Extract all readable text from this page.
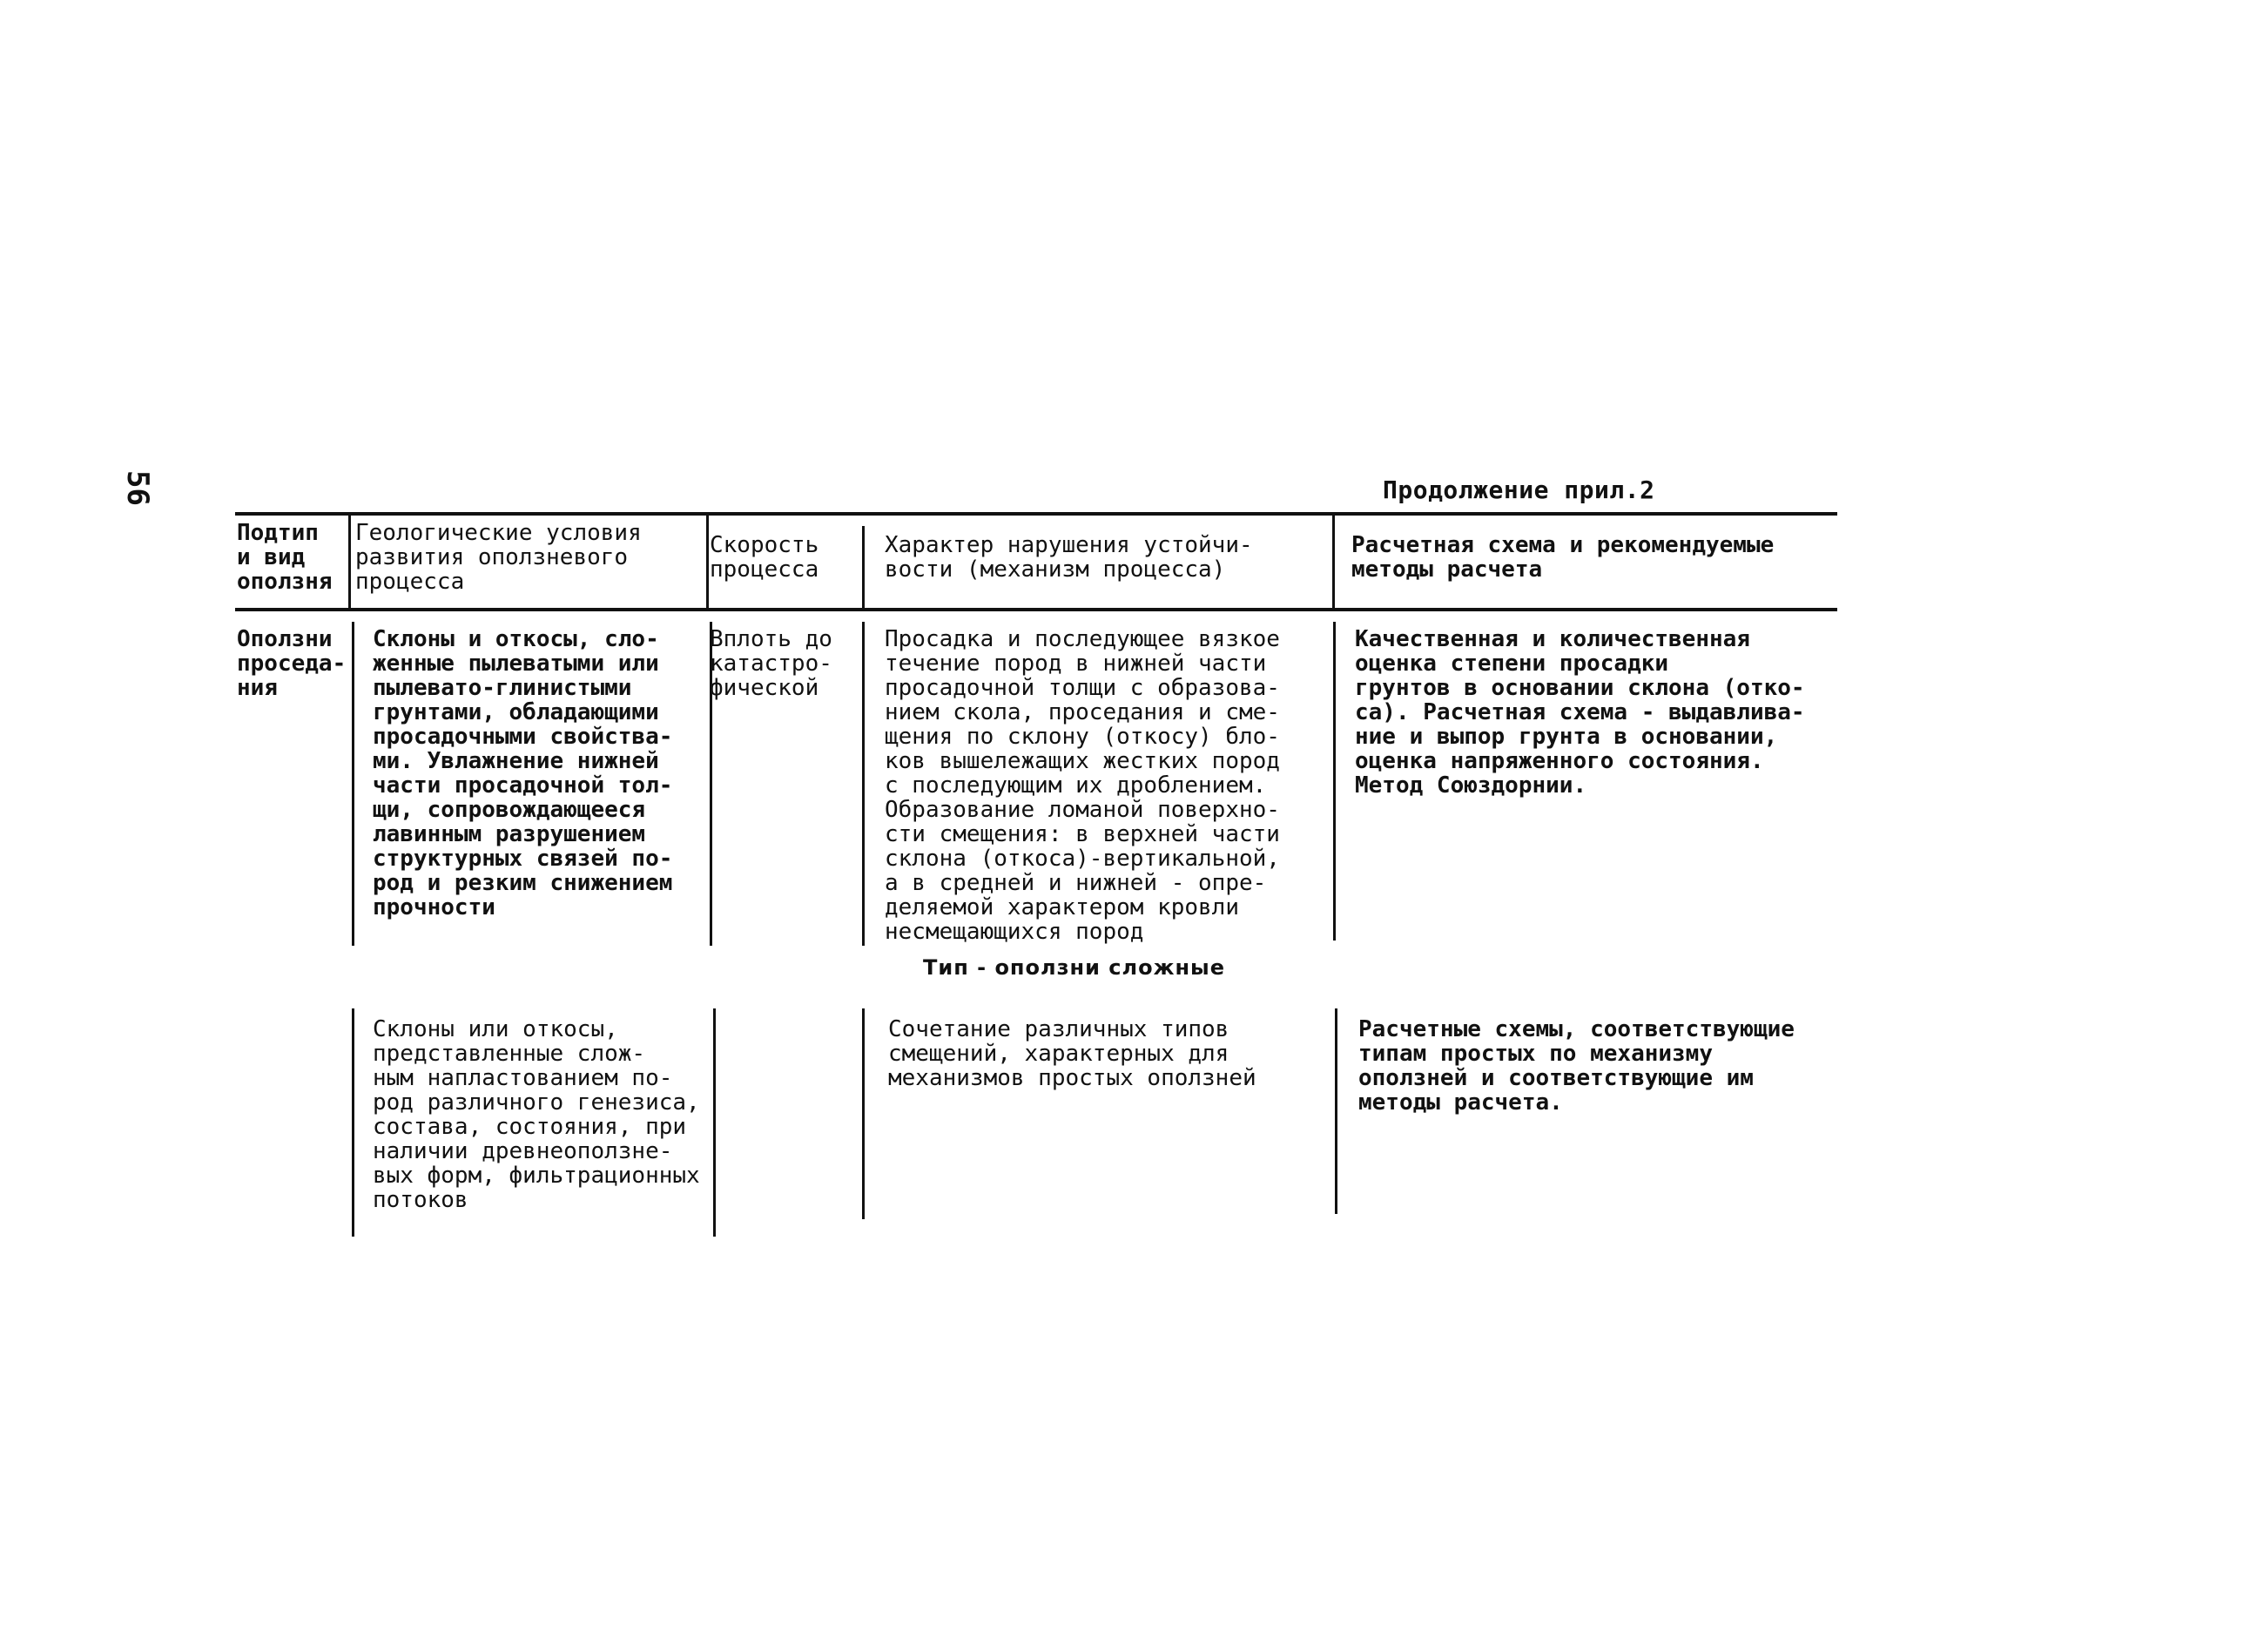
56	Продолжение прил.2
Подтип
и вид
оползня
Геологические условия
развития оползневого
процесса
Скорость
процесса
Характер нарушения устойчи-
вости (механизм процесса)
Расчетная схема и рекомендуемые
методы расчета
Оползни
проседа-
ния
Склоны и откосы, сло-
женные пылеватыми или
пылевато-глинистыми
грунтами, обладающими
просадочными свойства-
ми. Увлажнение нижней
части просадочной тол-
щи, сопровождающееся
лавинным разрушением
структурных связей по-
род и резким снижением
прочности
Вплоть до
катастро-
фической
Просадка и последующее вязкое
течение пород в нижней части
просадочной толщи с образова-
нием скола, проседания и сме-
щения по склону (откосу) бло-
ков вышележащих жестких пород
с последующим их дроблением.
Образование ломаной поверхно-
сти смещения: в верхней части
склона (откоса)-вертикальной,
а в средней и нижней - опре-
деляемой характером кровли
несмещающихся пород
Качественная и количественная
оценка степени просадки
грунтов в основании склона (отко-
са). Расчетная схема - выдавлива-
ние и выпор грунта в основании,
оценка напряженного состояния.
Метод Союздорнии.
Тип - оползни сложные
Склоны или откосы,
представленные слож-
ным напластованием по-
род различного генезиса,
состава, состояния, при
наличии древнеоползне-
вых форм, фильтрационных
потоков
Сочетание различных типов
смещений, характерных для
механизмов простых оползней
Расчетные схемы, соответствующие
типам простых по механизму
оползней и соответствующие им
методы расчета.
